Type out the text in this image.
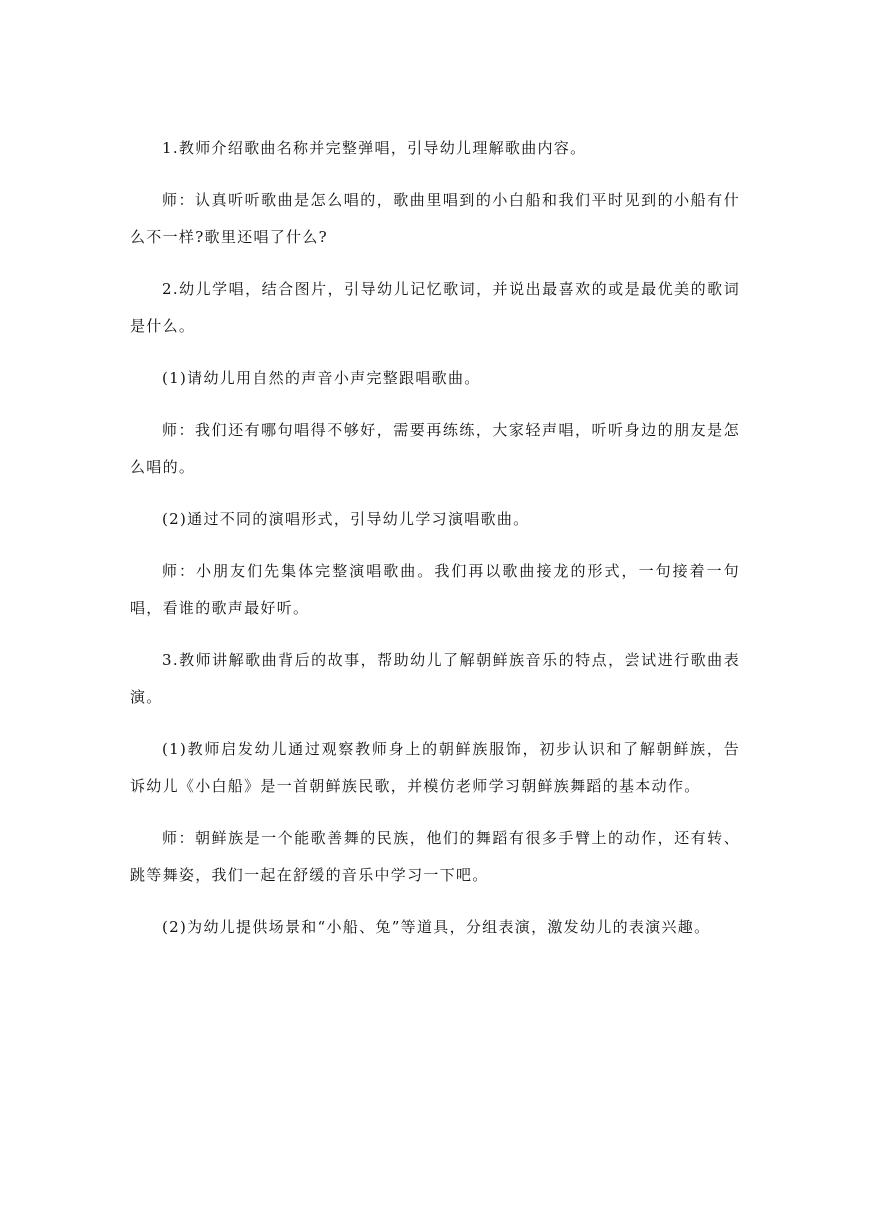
1.教师介绍歌曲名称并完整弹唱，引导幼儿理解歌曲内容。

师：认真听听歌曲是怎么唱的，歌曲里唱到的小白船和我们平时见到的小船有什么不一样?歌里还唱了什么?

2.幼儿学唱，结合图片，引导幼儿记忆歌词，并说出最喜欢的或是最优美的歌词是什么。

(1)请幼儿用自然的声音小声完整跟唱歌曲。

师：我们还有哪句唱得不够好，需要再练练，大家轻声唱，听听身边的朋友是怎么唱的。

(2)通过不同的演唱形式，引导幼儿学习演唱歌曲。

师：小朋友们先集体完整演唱歌曲。我们再以歌曲接龙的形式，一句接着一句唱，看谁的歌声最好听。

3.教师讲解歌曲背后的故事，帮助幼儿了解朝鲜族音乐的特点，尝试进行歌曲表演。

(1)教师启发幼儿通过观察教师身上的朝鲜族服饰，初步认识和了解朝鲜族，告诉幼儿《小白船》是一首朝鲜族民歌，并模仿老师学习朝鲜族舞蹈的基本动作。

师：朝鲜族是一个能歌善舞的民族，他们的舞蹈有很多手臂上的动作，还有转、跳等舞姿，我们一起在舒缓的音乐中学习一下吧。

(2)为幼儿提供场景和“小船、兔”等道具，分组表演，激发幼儿的表演兴趣。
